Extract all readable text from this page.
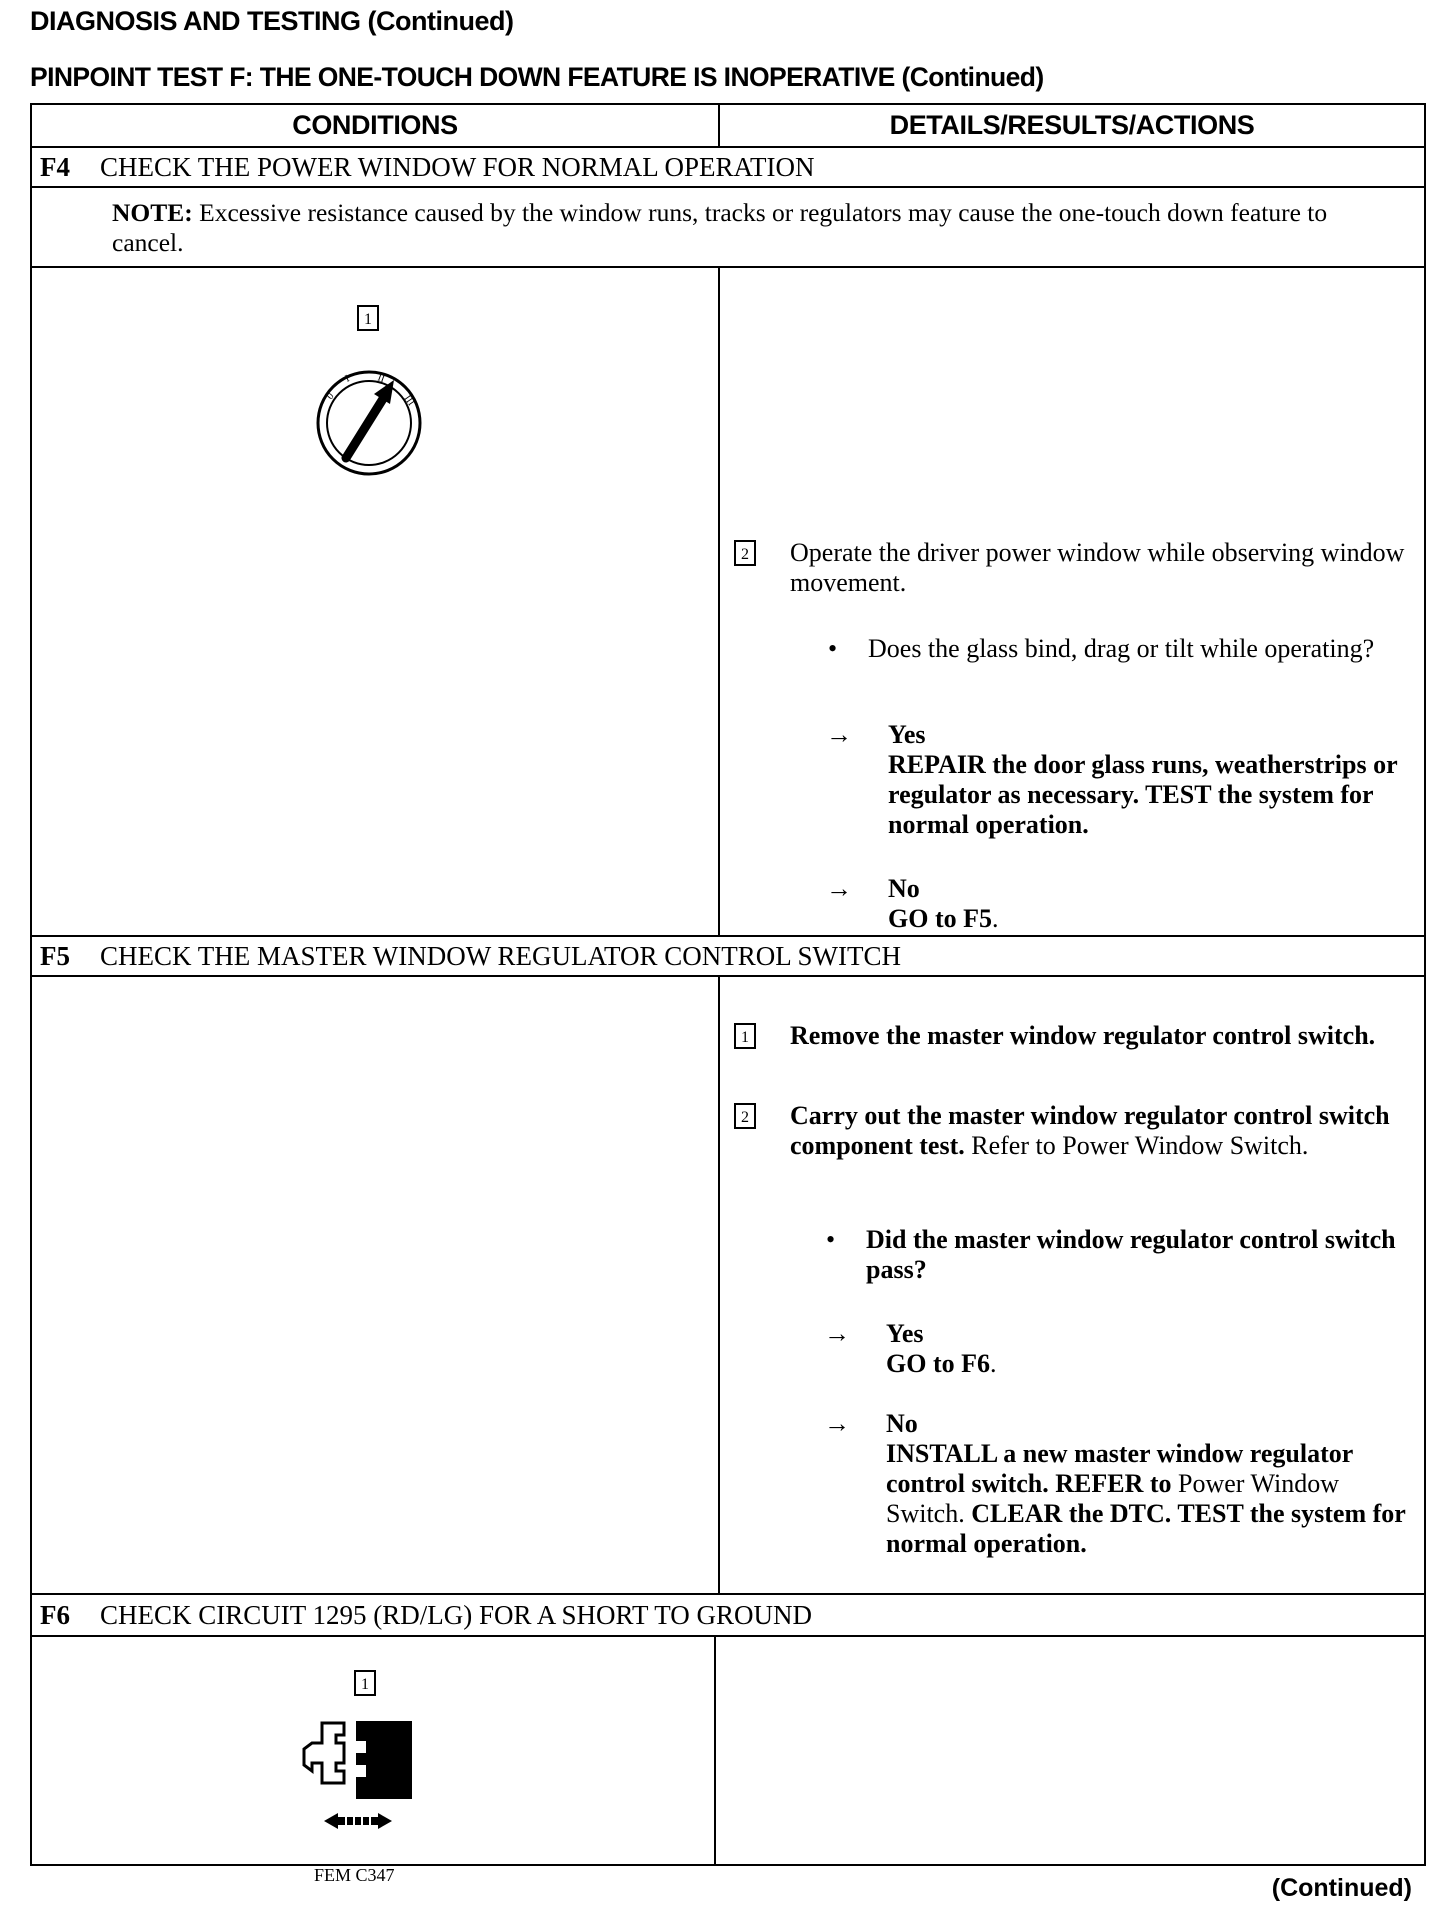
DIAGNOSIS AND TESTING (Continued)
PINPOINT TEST F: THE ONE-TOUCH DOWN FEATURE IS INOPERATIVE (Continued)
CONDITIONS	DETAILS/RESULTS/ACTIONS
F4	CHECK THE POWER WINDOW FOR NORMAL OPERATION
NOTE: Excessive resistance caused by the window runs, tracks or regulators may cause the one-touch down feature to cancel.
1
0
I II
III
2 Operate the driver power window while observing window movement.
• Does the glass bind, drag or tilt while operating?
→ Yes
REPAIR the door glass runs, weatherstrips or regulator as necessary. TEST the system for normal operation.
→ No
GO to F5.
F5	CHECK THE MASTER WINDOW REGULATOR CONTROL SWITCH
1 Remove the master window regulator control switch.
2 Carry out the master window regulator control switch component test. Refer to Power Window Switch.
• Did the master window regulator control switch pass?
→ Yes
GO to F6.
→ No
INSTALL a new master window regulator control switch. REFER to Power Window Switch. CLEAR the DTC. TEST the system for normal operation.
F6	CHECK CIRCUIT 1295 (RD/LG) FOR A SHORT TO GROUND
1
FEM C347	(Continued)
